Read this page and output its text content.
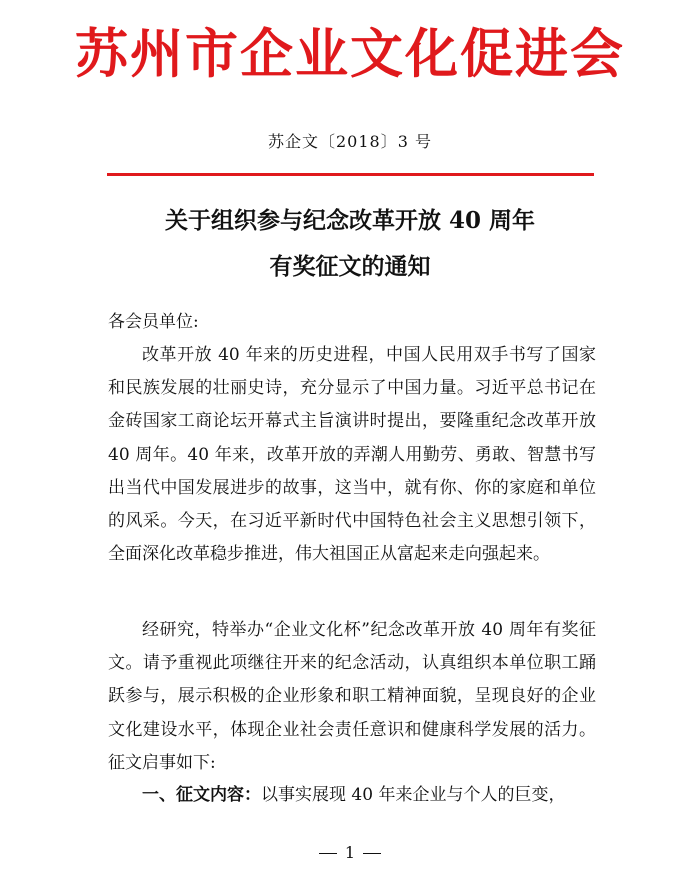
苏州市企业文化促进会
苏企文〔2018〕3 号
关于组织参与纪念改革开放 40 周年
有奖征文的通知

各会员单位:

改革开放 40 年来的历史进程，中国人民用双手书写了国家和民族发展的壮丽史诗，充分显示了中国力量。习近平总书记在金砖国家工商论坛开幕式主旨演讲时提出，要隆重纪念改革开放 40 周年。40 年来，改革开放的弄潮人用勤劳、勇敢、智慧书写出当代中国发展进步的故事，这当中，就有你、你的家庭和单位的风采。今天，在习近平新时代中国特色社会主义思想引领下，全面深化改革稳步推进，伟大祖国正从富起来走向强起来。

经研究，特举办“企业文化杯”纪念改革开放 40 周年有奖征文。请予重视此项继往开来的纪念活动，认真组织本单位职工踊跃参与，展示积极的企业形象和职工精神面貌，呈现良好的企业文化建设水平，体现企业社会责任意识和健康科学发展的活力。征文启事如下:

一、征文内容：以事实展现 40 年来企业与个人的巨变，

1
